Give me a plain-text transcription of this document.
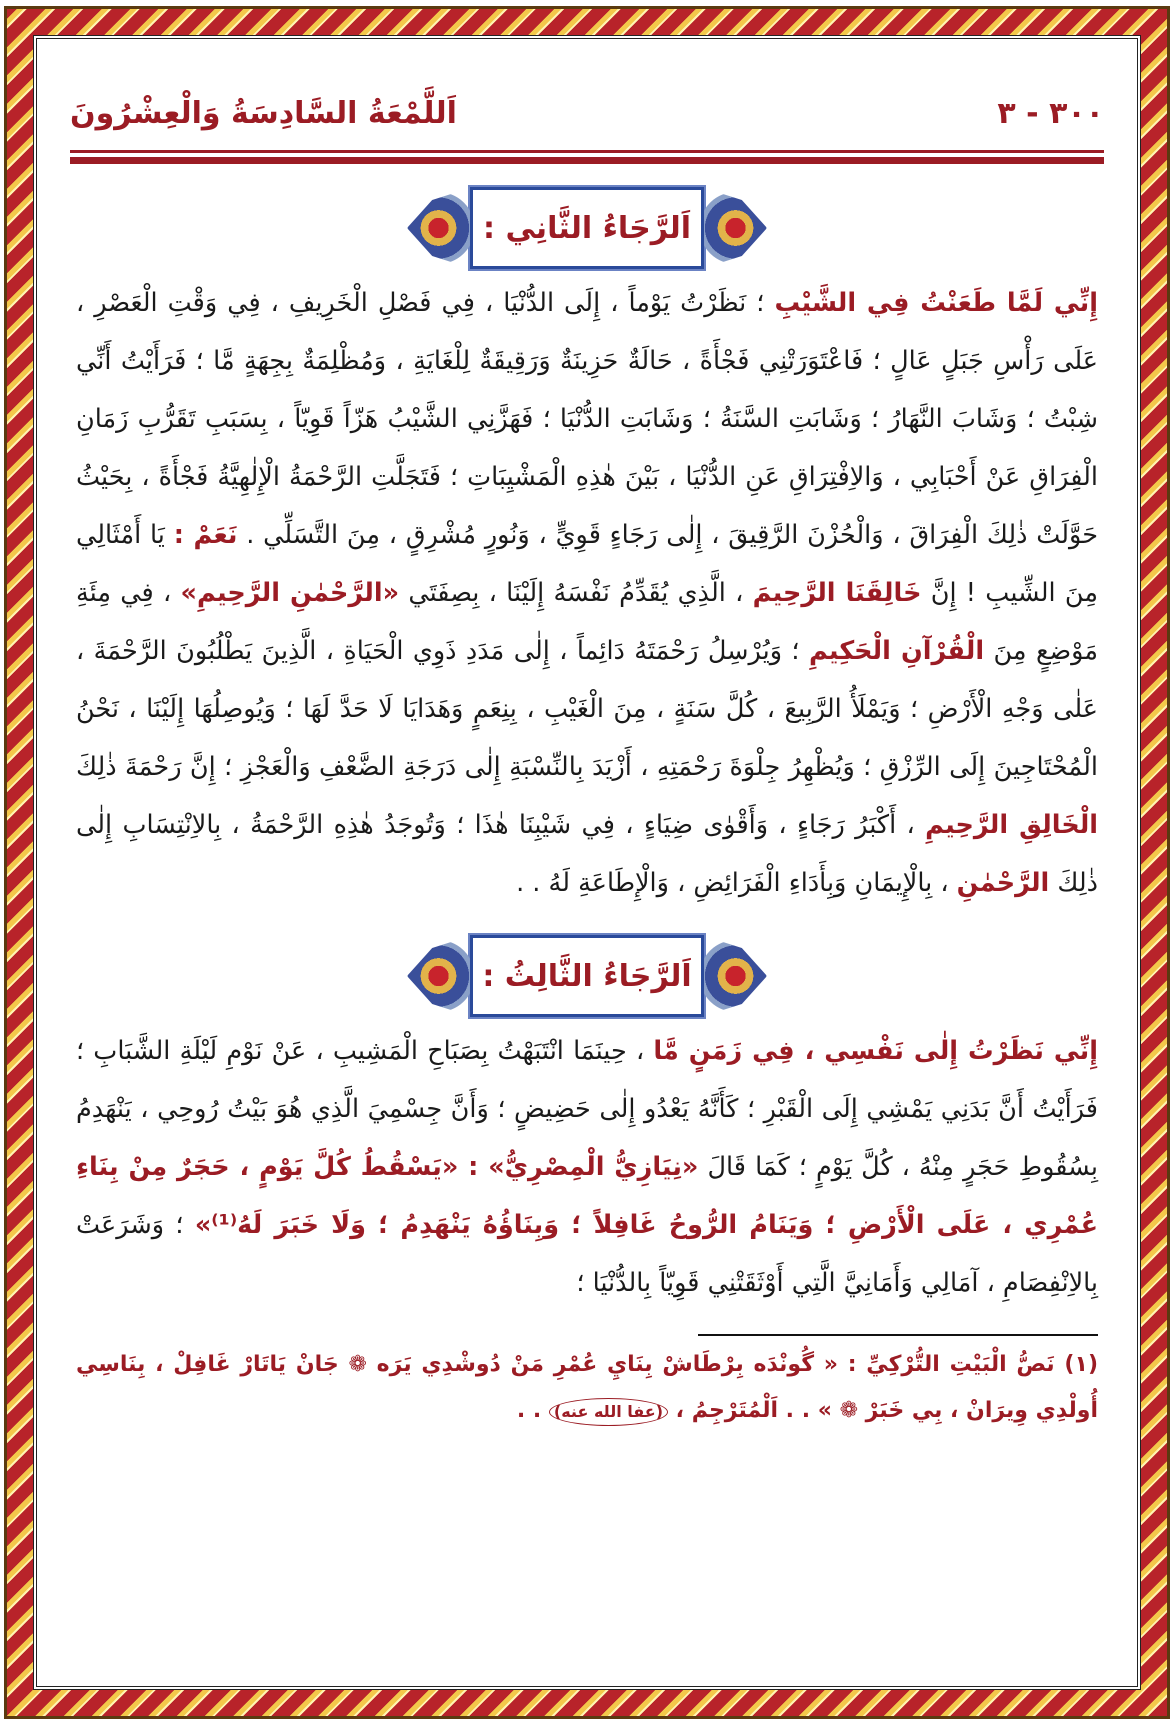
٣٠٠ - ٣
اَللَّمْعَةُ السَّادِسَةُ وَالْعِشْرُونَ
اَلرَّجَاءُ الثَّانِي :
إِنِّي لَمَّا طَعَنْتُ فِي الشَّيْبِ ؛ نَظَرْتُ يَوْماً ، إِلَى الدُّنْيَا ، فِي فَصْلِ الْخَرِيفِ ، فِي وَقْتِ الْعَصْرِ ، عَلَى رَأْسِ جَبَلٍ عَالٍ ؛ فَاعْتَوَرَتْنِي فَجْأَةً ، حَالَةٌ حَزِينَةٌ وَرَقِيقَةٌ لِلْغَايَةِ ، وَمُظْلِمَةٌ بِجِهَةٍ مَّا ؛ فَرَأَيْتُ أَنِّي شِبْتُ ؛ وَشَابَ النَّهَارُ ؛ وَشَابَتِ السَّنَةُ ؛ وَشَابَتِ الدُّنْيَا ؛ فَهَزَّنِي الشَّيْبُ هَزّاً قَوِيّاً ، بِسَبَبِ تَقَرُّبِ زَمَانِ الْفِرَاقِ عَنْ أَحْبَابِي ، وَالاِفْتِرَاقِ عَنِ الدُّنْيَا ، بَيْنَ هٰذِهِ الْمَشْيِبَاتِ ؛ فَتَجَلَّتِ الرَّحْمَةُ الْإِلٰهِيَّةُ فَجْأَةً ، بِحَيْثُ حَوَّلَتْ ذٰلِكَ الْفِرَاقَ ، وَالْحُزْنَ الرَّقِيقَ ، إِلٰى رَجَاءٍ قَوِيٍّ ، وَنُورٍ مُشْرِقٍ ، مِنَ التَّسَلِّي . نَعَمْ : يَا أَمْثَالِي مِنَ الشِّيبِ ! إِنَّ خَالِقَنَا الرَّحِيمَ ، الَّذِي يُقَدِّمُ نَفْسَهُ إِلَيْنَا ، بِصِفَتَي «الرَّحْمٰنِ الرَّحِيمِ» ، فِي مِئَةِ مَوْضِعٍ مِنَ الْقُرْآنِ الْحَكِيمِ ؛ وَيُرْسِلُ رَحْمَتَهُ دَائِماً ، إِلٰى مَدَدِ ذَوِي الْحَيَاةِ ، الَّذِينَ يَطْلُبُونَ الرَّحْمَةَ ، عَلٰى وَجْهِ الْأَرْضِ ؛ وَيَمْلَأُ الرَّبِيعَ ، كُلَّ سَنَةٍ ، مِنَ الْغَيْبِ ، بِنِعَمٍ وَهَدَايَا لَا حَدَّ لَهَا ؛ وَيُوصِلُهَا إِلَيْنَا ، نَحْنُ الْمُحْتَاجِينَ إِلَى الرِّزْقِ ؛ وَيُظْهِرُ جِلْوَةَ رَحْمَتِهِ ، أَزْيَدَ بِالنِّسْبَةِ إِلٰى دَرَجَةِ الضَّعْفِ وَالْعَجْزِ ؛ إِنَّ رَحْمَةَ ذٰلِكَ الْخَالِقِ الرَّحِيمِ ، أَكْبَرُ رَجَاءٍ ، وَأَقْوٰى ضِيَاءٍ ، فِي شَيْبِنَا هٰذَا ؛ وَتُوجَدُ هٰذِهِ الرَّحْمَةُ ، بِالاِنْتِسَابِ إِلٰى ذٰلِكَ الرَّحْمٰنِ ، بِالْإِيمَانِ وَبِأَدَاءِ الْفَرَائِضِ ، وَالْإِطَاعَةِ لَهُ . .
اَلرَّجَاءُ الثَّالِثُ :
إِنِّي نَظَرْتُ إِلٰى نَفْسِي ، فِي زَمَنٍ مَّا ، حِينَمَا انْتَبَهْتُ بِصَبَاحِ الْمَشِيبِ ، عَنْ نَوْمِ لَيْلَةِ الشَّبَابِ ؛ فَرَأَيْتُ أَنَّ بَدَنِي يَمْشِي إِلَى الْقَبْرِ ؛ كَأَنَّهُ يَعْدُو إِلٰى حَضِيضٍ ؛ وَأَنَّ جِسْمِيَ الَّذِي هُوَ بَيْتُ رُوحِي ، يَنْهَدِمُ بِسُقُوطِ حَجَرٍ مِنْهُ ، كُلَّ يَوْمٍ ؛ كَمَا قَالَ «نِيَازِيُّ الْمِصْرِيُّ» : «يَسْقُطُ كُلَّ يَوْمٍ ، حَجَرٌ مِنْ بِنَاءِ عُمْرِي ، عَلَى الْأَرْضِ ؛ وَيَنَامُ الرُّوحُ غَافِلاً ؛ وَبِنَاؤُهُ يَنْهَدِمُ ؛ وَلَا خَبَرَ لَهُ⁽¹⁾» ؛ وَشَرَعَتْ بِالاِنْفِصَامِ ، آمَالِي وَأَمَانِيَّ الَّتِي أَوْثَقَتْنِي قَوِيّاً بِالدُّنْيَا ؛
(١) نَصُّ الْبَيْتِ التُّرْكِيِّ : « گُونْدَه بِرْطَاشْ بِنَايِ عُمْرِ مَنْ دُوشْدِي يَرَه ❁ جَانْ يَاتَارْ غَافِلْ ، بِنَاسِي أُولْدِي وِيرَانْ ، بِي خَبَرْ ❁ » . . اَلْمُتَرْجِمُ ، (عفا الله عنه) . .
